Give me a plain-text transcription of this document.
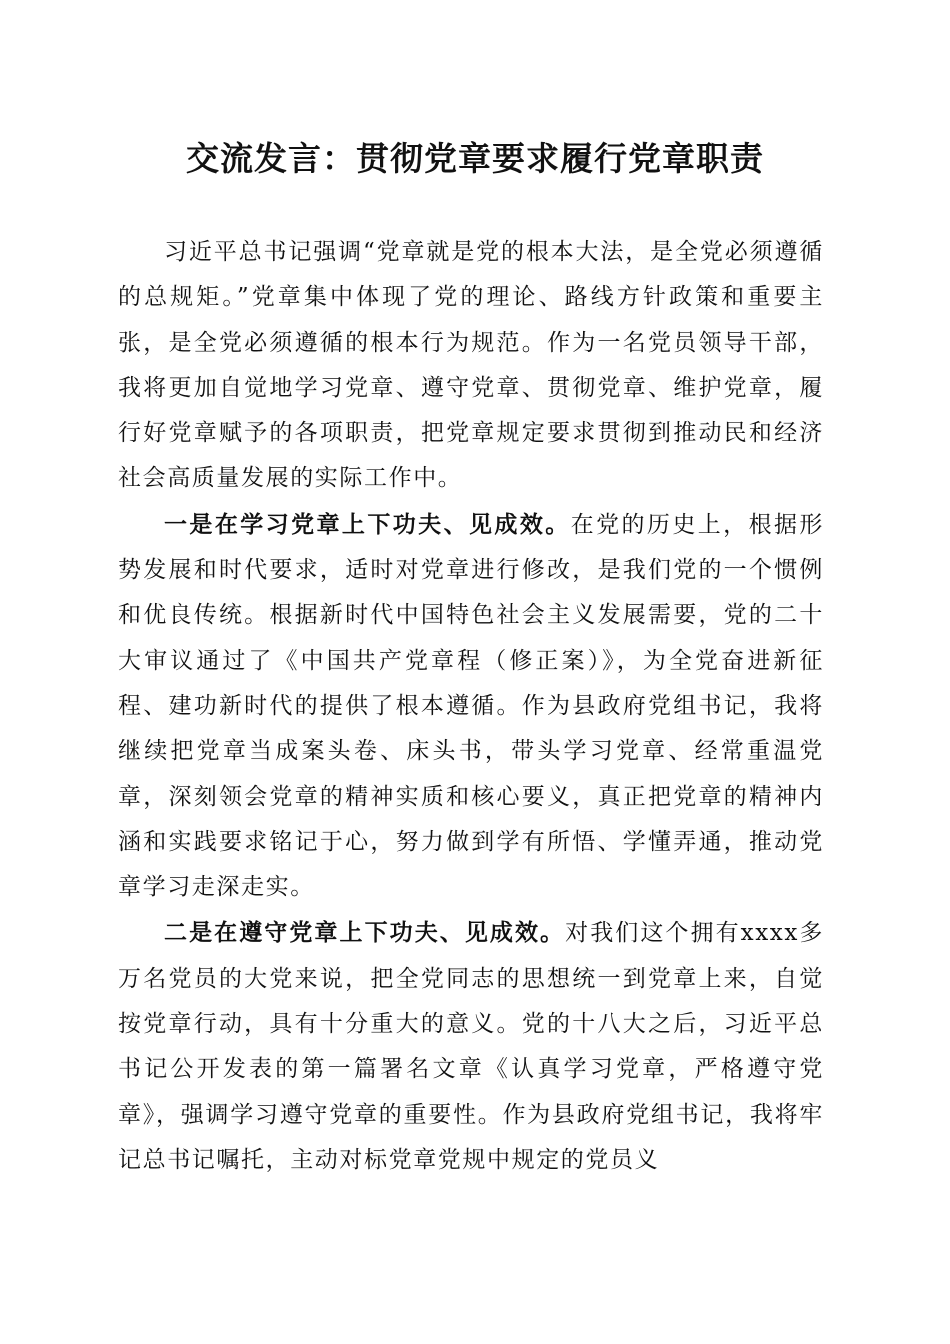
交流发言：贯彻党章要求履行党章职责

习近平总书记强调“党章就是党的根本大法，是全党必须遵循的总规矩。”党章集中体现了党的理论、路线方针政策和重要主张，是全党必须遵循的根本行为规范。作为一名党员领导干部，我将更加自觉地学习党章、遵守党章、贯彻党章、维护党章，履行好党章赋予的各项职责，把党章规定要求贯彻到推动民和经济社会高质量发展的实际工作中。

一是在学习党章上下功夫、见成效。在党的历史上，根据形势发展和时代要求，适时对党章进行修改，是我们党的一个惯例和优良传统。根据新时代中国特色社会主义发展需要，党的二十大审议通过了《中国共产党章程（修正案）》，为全党奋进新征程、建功新时代的提供了根本遵循。作为县政府党组书记，我将继续把党章当成案头卷、床头书，带头学习党章、经常重温党章，深刻领会党章的精神实质和核心要义，真正把党章的精神内涵和实践要求铭记于心，努力做到学有所悟、学懂弄通，推动党章学习走深走实。

二是在遵守党章上下功夫、见成效。对我们这个拥有xxxx多万名党员的大党来说，把全党同志的思想统一到党章上来，自觉按党章行动，具有十分重大的意义。党的十八大之后，习近平总书记公开发表的第一篇署名文章《认真学习党章，严格遵守党章》，强调学习遵守党章的重要性。作为县政府党组书记，我将牢记总书记嘱托，主动对标党章党规中规定的党员义
